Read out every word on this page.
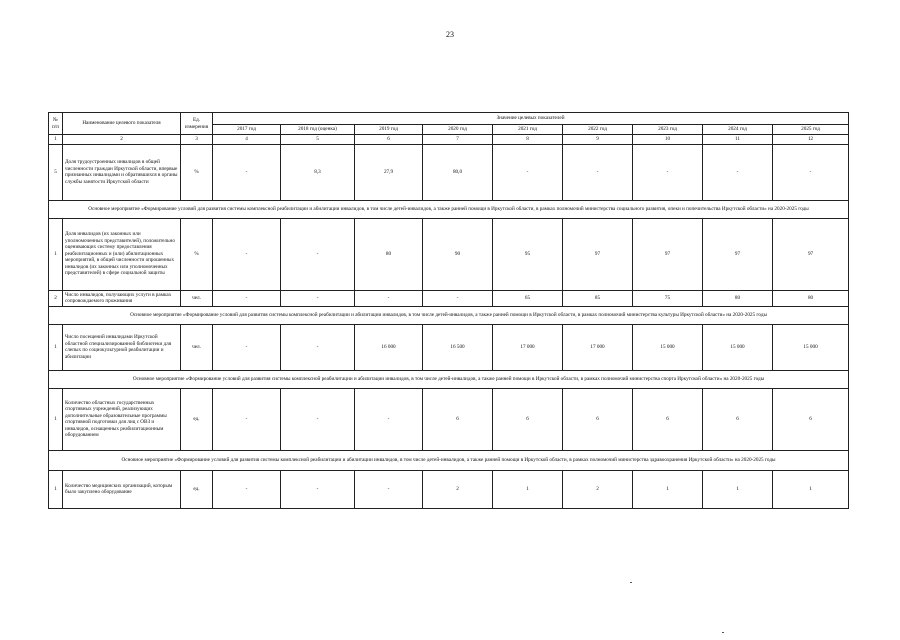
23
№ п/п	Наименование целевого показателя	Ед. измерения	Значение целевых показателей								
			2017 год	2018 год (оценка)	2019 год	2020 год	2021 год	2022 год	2023 год	2024 год	2025 год
1	2	3	4	5	6	7	8	9	10	11	12
5	Доля трудоустроенных инвалидов в общей численности граждан Иркутской области, впервые признанных инвалидами и обратившихся в органы службы занятости Иркутской области	%	-	8,3	27,9	80,0	-	-	-	-	-
Основное мероприятие «Формирование условий для развития системы комплексной реабилитации и абилитации инвалидов, в том числе детей-инвалидов, а также ранней помощи в Иркутской области, в рамках полномочий министерства социального развития, опеки и попечительства Иркутской области» на 2020-2025 годы											
1	Доля инвалидов (их законных или уполномоченных представителей), положительно оценивающих систему предоставления реабилитационных и (или) абилитационных мероприятий, в общей численности опрошенных инвалидов (их законных или уполномоченных представителей) в сфере социальной защиты	%	-	-	80	90	95	97	97	97	97
2	Число инвалидов, получающих услуги в рамках сопровождаемого проживания	чел.	-	-	-	-	65	85	75	80	80
Основное мероприятие «Формирование условий для развития системы комплексной реабилитации и абилитации инвалидов, в том числе детей-инвалидов, а также ранней помощи в Иркутской области, в рамках полномочий министерства культуры Иркутской области» на 2020-2025 годы											
1	Число посещений инвалидами Иркутской областной специализированной библиотеки для слепых по социокультурной реабилитации и абилитации	чел.	-	-	16 000	16 500	17 000	17 000	15 000	15 000	15 000
Основное мероприятие «Формирование условий для развития системы комплексной реабилитации и абилитации инвалидов, в том числе детей-инвалидов, а также ранней помощи в Иркутской области, в рамках полномочий министерства спорта Иркутской области» на 2020-2025 годы											
1	Количество областных государственных спортивных учреждений, реализующих дополнительные образовательные программы спортивной подготовки для лиц с ОВЗ и инвалидов, оснащенных реабилитационным оборудованием	ед.	-	-	-	6	6	6	6	6	6
Основное мероприятие «Формирование условий для развития системы комплексной реабилитации и абилитации инвалидов, в том числе детей-инвалидов, а также ранней помощи в Иркутской области, в рамках полномочий министерства здравоохранения Иркутской области» на 2020-2025 годы											
1	Количество медицинских организаций, которым было закуплено оборудование	ед.	-	-	-	2	1	2	1	1	1
